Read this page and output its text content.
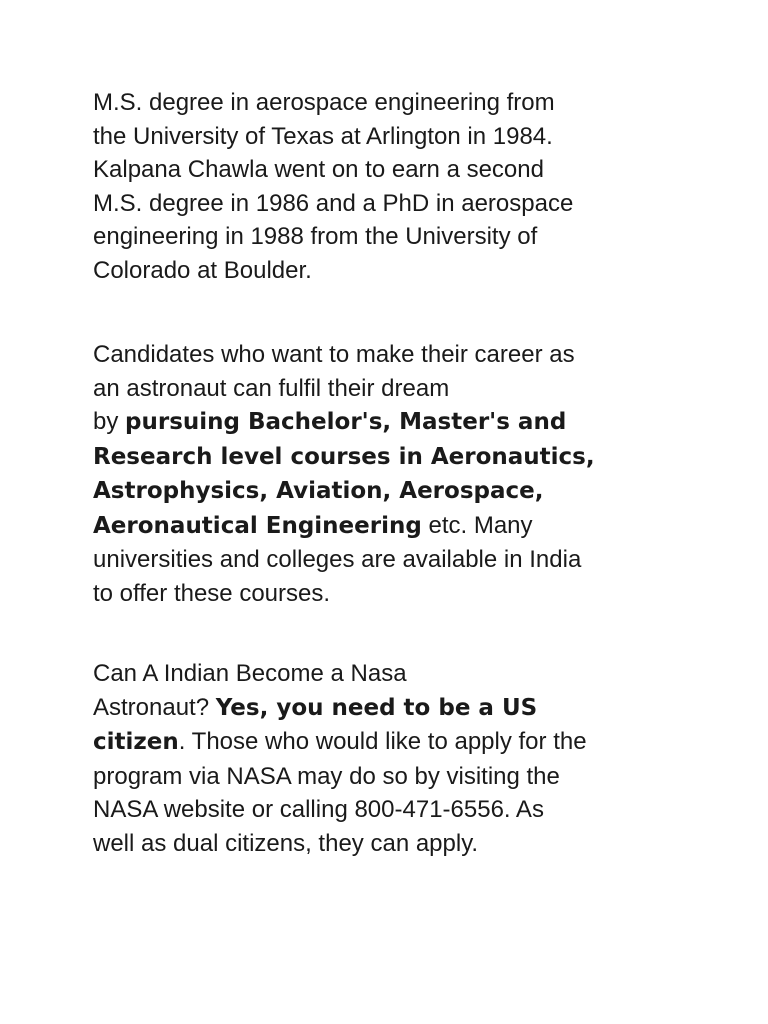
M.S. degree in aerospace engineering from
the University of Texas at Arlington in 1984.
Kalpana Chawla went on to earn a second
M.S. degree in 1986 and a PhD in aerospace
engineering in 1988 from the University of
Colorado at Boulder.

Candidates who want to make their career as
an astronaut can fulfil their dream
by pursuing Bachelor's, Master's and
Research level courses in Aeronautics,
Astrophysics, Aviation, Aerospace,
Aeronautical Engineering etc. Many
universities and colleges are available in India
to offer these courses.

Can A Indian Become a Nasa
Astronaut? Yes, you need to be a US
citizen. Those who would like to apply for the
program via NASA may do so by visiting the
NASA website or calling 800-471-6556. As
well as dual citizens, they can apply.
